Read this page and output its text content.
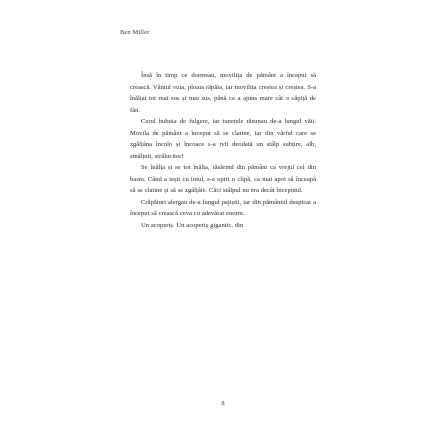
Ben Miller

Însă în timp ce dormeau, movilița de pământ a început să crească. Vântul vuia, ploaia răpăia, iar movilița creștea și creștea. S-a înălțat tot mai sus și mai sus, până ce a ajuns mare cât o căpiță de fân.

Cerul bubuia de fulgere, iar tunetele răsunau de-a lungul văii. Movila de pământ a început să se clatine, iar din vârful care se zgâlțâna încolo și încoace s-a ivit deodată un stâlp subțire, alb, smălțuit, strălucitor!

Se înălța și se tot înălța, răsărind din pământ ca vrejul cel din basm. Când a ieșit cu totul, s-a oprit o clipă, ca mai apoi să înceapă să se clatine și să se zgâlțâie. Căci stâlpul nu era decât începutul.

Crăpături alergau de-a lungul pajiștii, iar din pământul despicat a început să crească ceva cu adevărat enorm.

Un acoperiș. Un acoperiș gigantic, din

8
